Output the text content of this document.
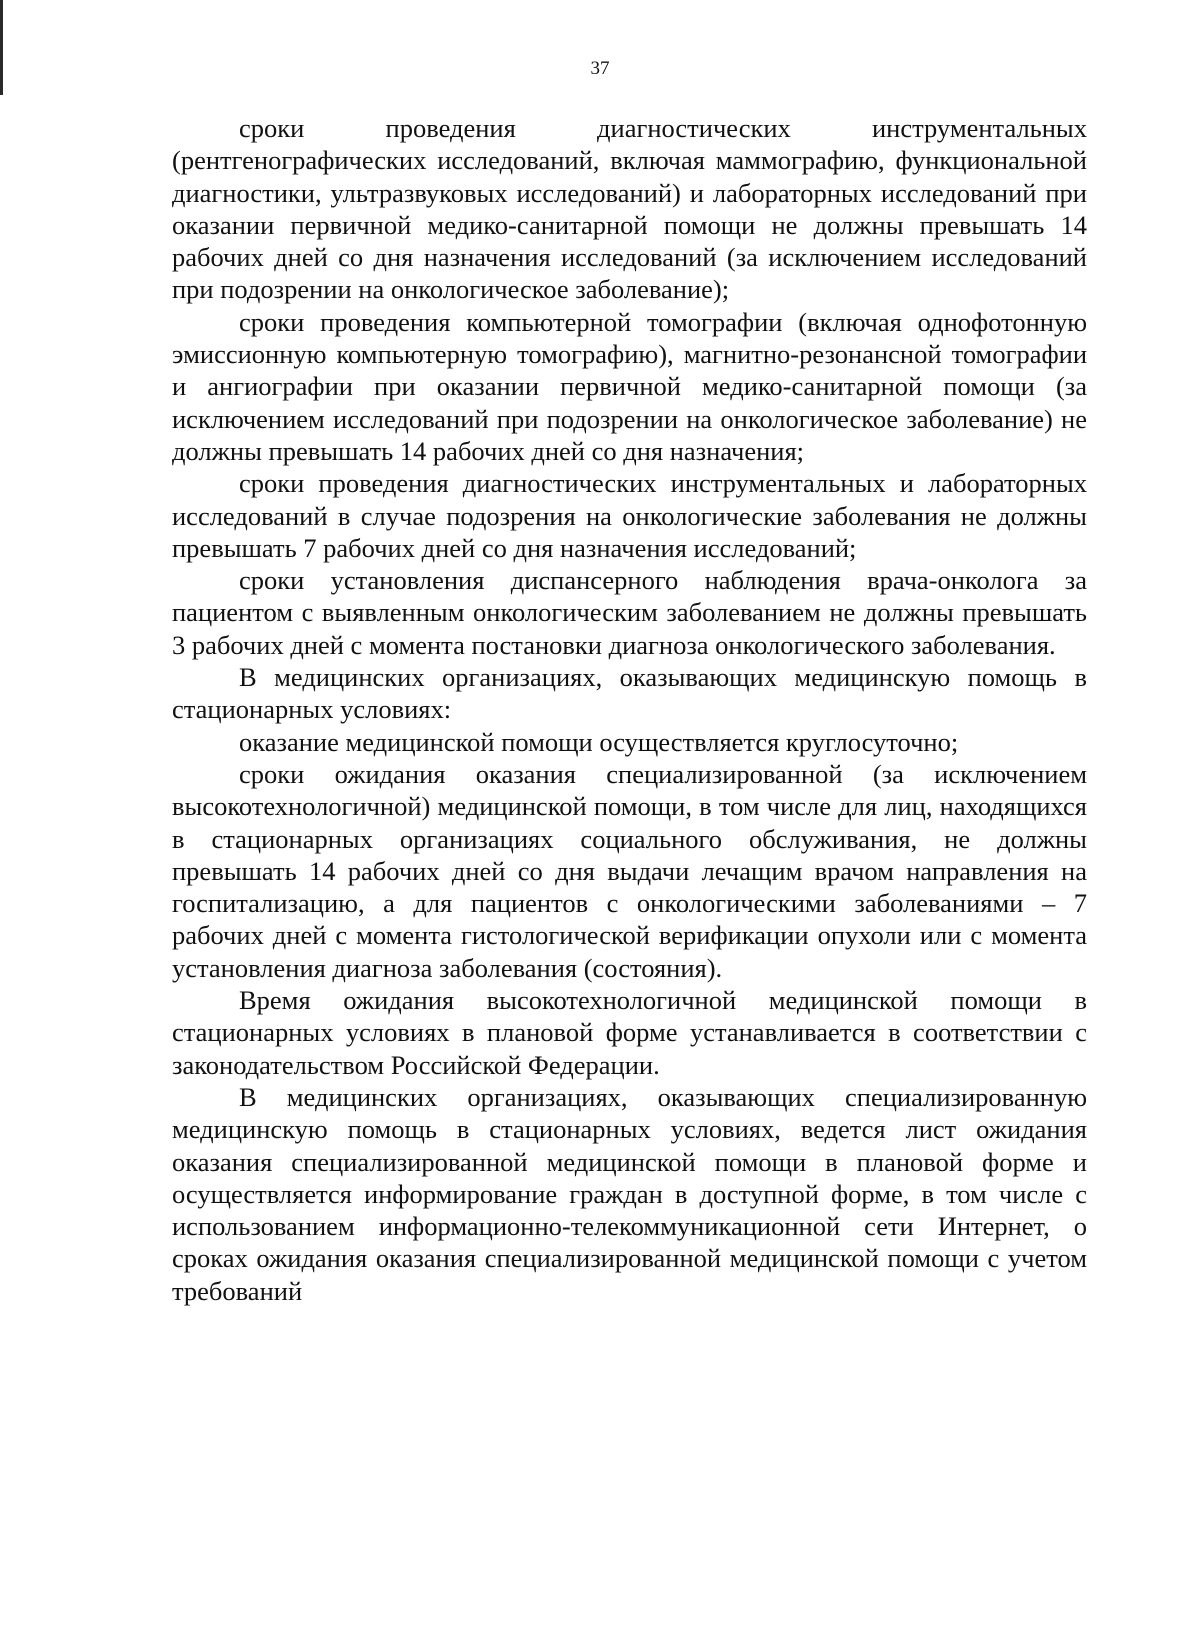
37

сроки проведения диагностических инструментальных (рентгенографических исследований, включая маммографию, функциональной диагностики, ультразвуковых исследований) и лабораторных исследований при оказании первичной медико-санитарной помощи не должны превышать 14 рабочих дней со дня назначения исследований (за исключением исследований при подозрении на онкологическое заболевание);

сроки проведения компьютерной томографии (включая однофотонную эмиссионную компьютерную томографию), магнитно-резонансной томографии и ангиографии при оказании первичной медико-санитарной помощи (за исключением исследований при подозрении на онкологическое заболевание) не должны превышать 14 рабочих дней со дня назначения;

сроки проведения диагностических инструментальных и лабораторных исследований в случае подозрения на онкологические заболевания не должны превышать 7 рабочих дней со дня назначения исследований;

сроки установления диспансерного наблюдения врача-онколога за пациентом с выявленным онкологическим заболеванием не должны превышать 3 рабочих дней с момента постановки диагноза онкологического заболевания.

В медицинских организациях, оказывающих медицинскую помощь в стационарных условиях:

оказание медицинской помощи осуществляется круглосуточно;

сроки ожидания оказания специализированной (за исключением высокотехнологичной) медицинской помощи, в том числе для лиц, находящихся в стационарных организациях социального обслуживания, не должны превышать 14 рабочих дней со дня выдачи лечащим врачом направления на госпитализацию, а для пациентов с онкологическими заболеваниями – 7 рабочих дней с момента гистологической верификации опухоли или с момента установления диагноза заболевания (состояния).

Время ожидания высокотехнологичной медицинской помощи в стационарных условиях в плановой форме устанавливается в соответствии с законодательством Российской Федерации.

В медицинских организациях, оказывающих специализированную медицинскую помощь в стационарных условиях, ведется лист ожидания оказания специализированной медицинской помощи в плановой форме и осуществляется информирование граждан в доступной форме, в том числе с использованием информационно-телекоммуникационной сети Интернет, о сроках ожидания оказания специализированной медицинской помощи с учетом требований
